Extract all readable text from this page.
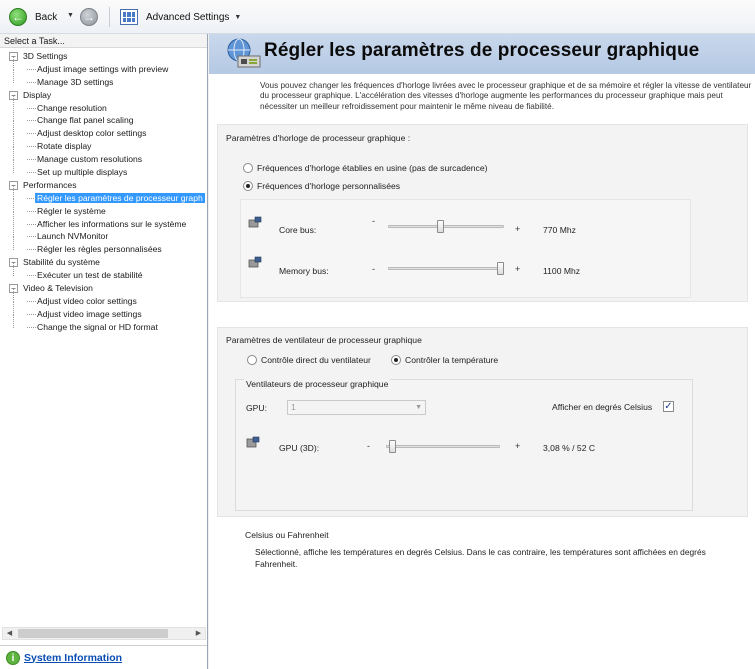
←	Back ▼ →	Advanced Settings ▼
Select a Task...
− 3D Settings
Adjust image settings with preview
Manage 3D settings
− Display
Change resolution
Change flat panel scaling
Adjust desktop color settings
Rotate display
Manage custom resolutions
Set up multiple displays
− Performances
Régler les paramètres de processeur graph
Régler le système
Afficher les informations sur le système
Launch NVMonitor
Régler les règles personnalisées
− Stabilité du système
Exécuter un test de stabilité
− Video & Television
Adjust video color settings
Adjust video image settings
Change the signal or HD format
◀	▶
i System Information
Régler les paramètres de processeur graphique
Vous pouvez changer les fréquences d'horloge livrées avec le processeur graphique et de sa mémoire et régler la vitesse de ventilateur du processeur graphique. L'accélération des vitesses d'horloge augmente les performances du processeur graphique mais peut nécessiter un meilleur refroidissement pour maintenir le même niveau de fiabilité.
Paramètres d'horloge de processeur graphique :
Fréquences d'horloge établies en usine (pas de surcadence)
Fréquences d'horloge personnalisées
Core bus:
-
+	770 Mhz
Memory bus:	-	+	1100 Mhz
Paramètres de ventilateur de processeur graphique
Contrôle direct du ventilateur	Contrôler la température
Ventilateurs de processeur graphique
GPU:	1	▼	Afficher en degrés Celsius ✓
GPU (3D):	-	+	3,08 % / 52 C
Celsius ou Fahrenheit
Sélectionné, affiche les températures en degrés Celsius. Dans le cas contraire, les températures sont affichées en degrés Fahrenheit.
